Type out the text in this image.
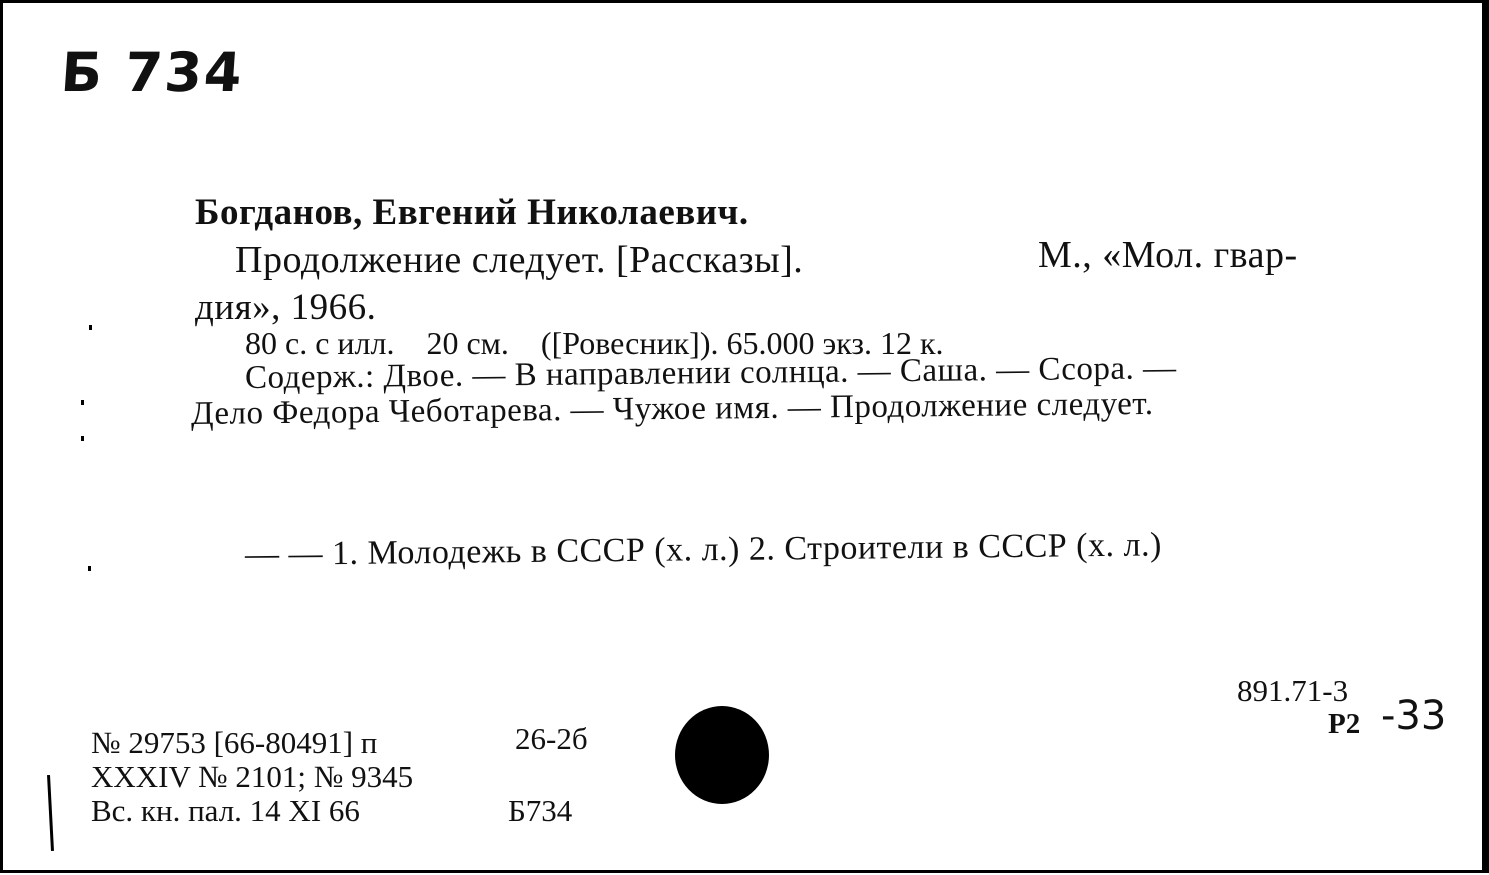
Б 734
Богданов, Евгений Николаевич.
Продолжение следует. [Рассказы].	М., «Мол. гвар-
дия», 1966.
80 с. с илл.    20 см.    ([Ровесник]). 65.000 экз. 12 к.
Содерж.: Двое. — В направлении солнца. — Саша. — Ссора. —
Дело Федора Чеботарева. — Чужое имя. — Продолжение следует.
— — 1. Молодежь в СССР (х. л.) 2. Строители в СССР (х. л.)
891.71-3
Р2 -33
№ 29753 [66-80491] п	26-2б
XXXIV № 2101; № 9345
Вс. кн. пал. 14 XI 66	Б734
